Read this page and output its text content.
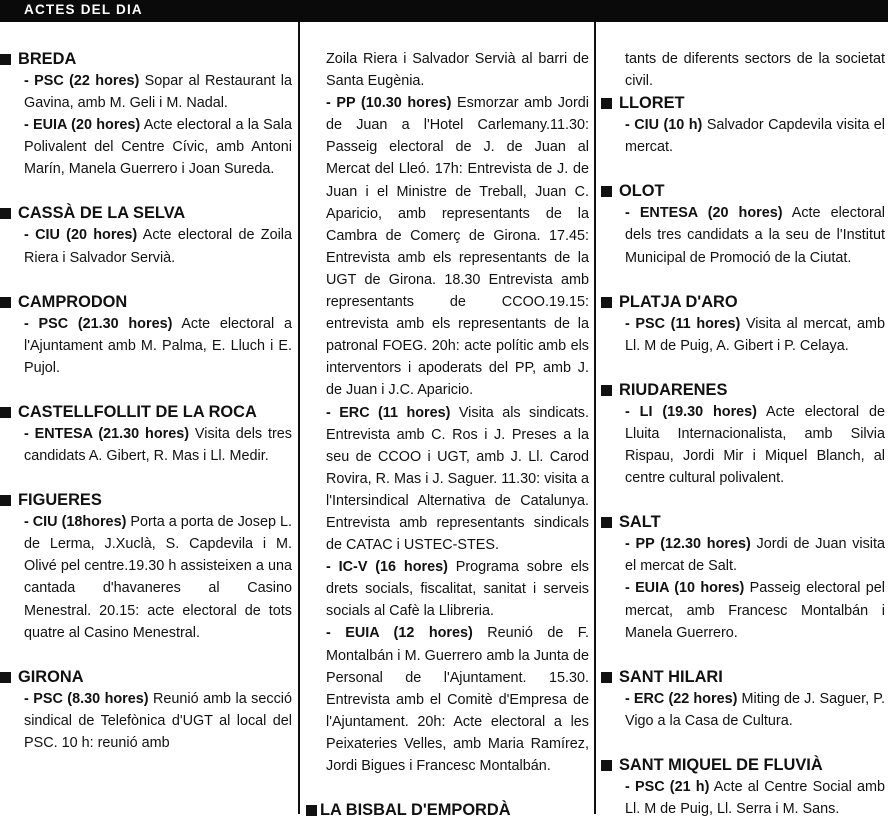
ACTES DEL DIA
BREDA
- PSC (22 hores) Sopar al Restaurant la Gavina, amb M. Geli i M. Nadal.
- EUIA (20 hores) Acte electoral a la Sala Polivalent del Centre Cívic, amb Antoni Marín, Manela Guerrero i Joan Sureda.
CASSÀ DE LA SELVA
- CIU (20 hores) Acte electoral de Zoila Riera i Salvador Servià.
CAMPRODON
- PSC (21.30 hores) Acte electoral a l'Ajuntament amb M. Palma, E. Lluch i E. Pujol.
CASTELLFOLLIT DE LA ROCA
- ENTESA (21.30 hores) Visita dels tres candidats A. Gibert, R. Mas i Ll. Medir.
FIGUERES
- CIU (18hores) Porta a porta de Josep L. de Lerma, J.Xuclà, S. Capdevila i M. Olivé pel centre.19.30 h assisteixen a una cantada d'havaneres al Casino Menestral. 20.15: acte electoral de tots quatre al Casino Menestral.
GIRONA
- PSC (8.30 hores) Reunió amb la secció sindical de Telefònica d'UGT al local del PSC. 10 h: reunió amb
Zoila Riera i Salvador Servià al barri de Santa Eugènia.
- PP (10.30 hores) Esmorzar amb Jordi de Juan a l'Hotel Carlemany.11.30: Passeig electoral de J. de Juan al Mercat del Lleó. 17h: Entrevista de J. de Juan i el Ministre de Treball, Juan C. Aparicio, amb representants de la Cambra de Comerç de Girona. 17.45: Entrevista amb els representants de la UGT de Girona. 18.30 Entrevista amb representants de CCOO.19.15: entrevista amb els representants de la patronal FOEG. 20h: acte polític amb els interventors i apoderats del PP, amb J. de Juan i J.C. Aparicio.
- ERC (11 hores) Visita als sindicats. Entrevista amb C. Ros i J. Preses a la seu de CCOO i UGT, amb J. Ll. Carod Rovira, R. Mas i J. Saguer. 11.30: visita a l'Intersindical Alternativa de Catalunya. Entrevista amb representants sindicals de CATAC i USTEC-STES.
- IC-V (16 hores) Programa sobre els drets socials, fiscalitat, sanitat i serveis socials al Cafè la Llibreria.
- EUIA (12 hores) Reunió de F. Montalbán i M. Guerrero amb la Junta de Personal de l'Ajuntament. 15.30. Entrevista amb el Comitè d'Empresa de l'Ajuntament. 20h: Acte electoral a les Peixateries Velles, amb Maria Ramírez, Jordi Bigues i Francesc Montalbán.
LA BISBAL D'EMPORDÀ
tants de diferents sectors de la societat civil.
LLORET
- CIU (10 h) Salvador Capdevila visita el mercat.
OLOT
- ENTESA (20 hores) Acte electoral dels tres candidats a la seu de l'Institut Municipal de Promoció de la Ciutat.
PLATJA D'ARO
- PSC (11 hores) Visita al mercat, amb Ll. M de Puig, A. Gibert i P. Celaya.
RIUDARENES
- LI (19.30 hores) Acte electoral de Lluita Internacionalista, amb Silvia Rispau, Jordi Mir i Miquel Blanch, al centre cultural polivalent.
SALT
- PP (12.30 hores) Jordi de Juan visita el mercat de Salt.
- EUIA (10 hores) Passeig electoral pel mercat, amb Francesc Montalbán i Manela Guerrero.
SANT HILARI
- ERC (22 hores) Miting de J. Saguer, P. Vigo a la Casa de Cultura.
SANT MIQUEL DE FLUVIÀ
- PSC (21 h) Acte al Centre Social amb Ll. M de Puig, Ll. Serra i M. Sans.
